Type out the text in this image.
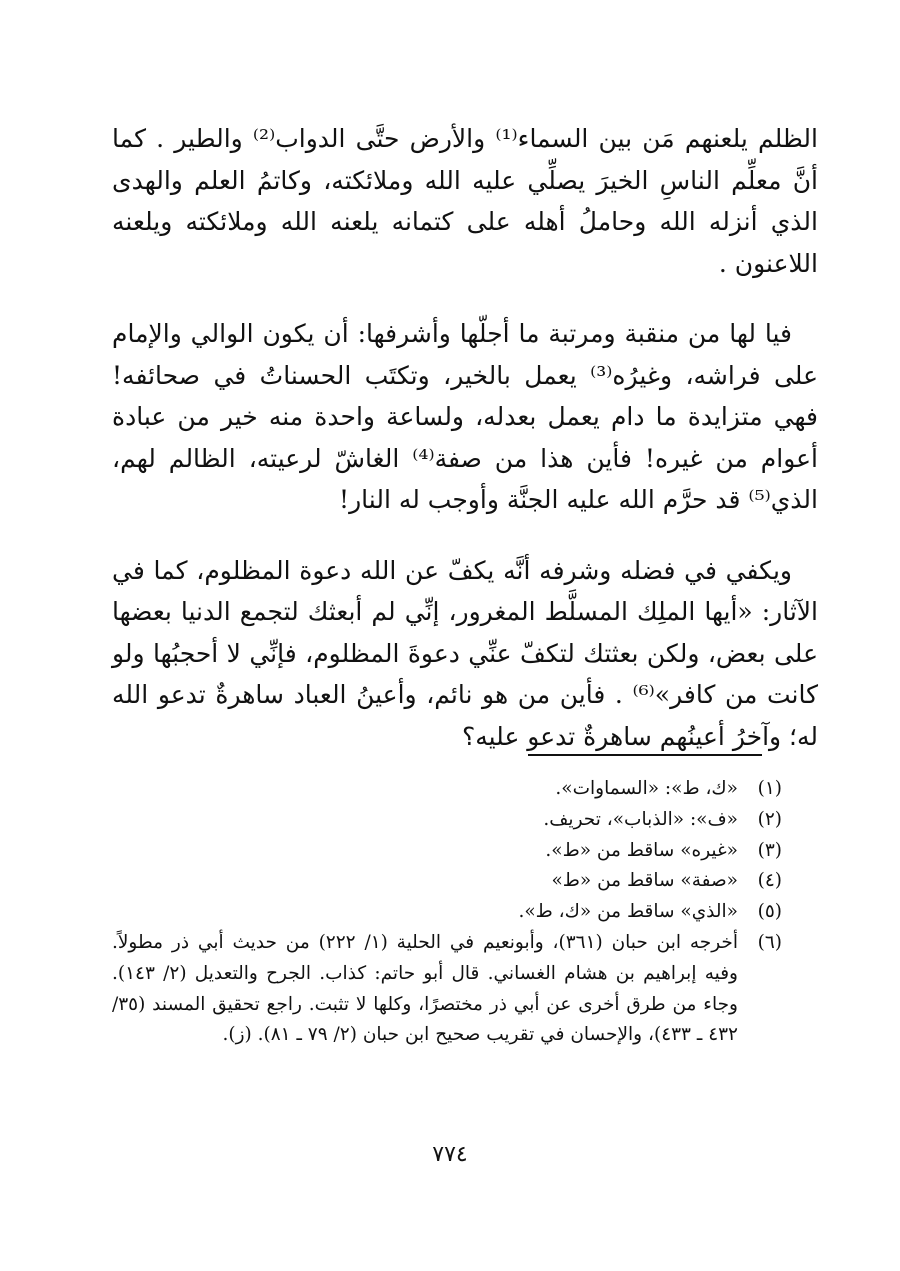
الظلم يلعنهم مَن بين السماء⁽¹⁾ والأرض حتَّى الدواب⁽²⁾ والطير . كما أنَّ معلِّم الناسِ الخيرَ يصلِّي عليه الله وملائكته، وكاتمُ العلم والهدى الذي أنزله الله وحاملُ أهله على كتمانه يلعنه الله وملائكته ويلعنه اللاعنون .

فيا لها من منقبة ومرتبة ما أجلّها وأشرفها: أن يكون الوالي والإمام على فراشه، وغيرُه⁽³⁾ يعمل بالخير، وتكتَب الحسناتُ في صحائفه! فهي متزايدة ما دام يعمل بعدله، ولساعة واحدة منه خير من عبادة أعوام من غيره! فأين هذا من صفة⁽⁴⁾ الغاشّ لرعيته، الظالم لهم، الذي⁽⁵⁾ قد حرَّم الله عليه الجنَّة وأوجب له النار!

ويكفي في فضله وشرفه أنَّه يكفّ عن الله دعوة المظلوم، كما في الآثار: «أيها الملِك المسلَّط المغرور، إنِّي لم أبعثك لتجمع الدنيا بعضها على بعض، ولكن بعثتك لتكفّ عنِّي دعوةَ المظلوم، فإنِّي لا أحجبُها ولو كانت من كافر»⁽⁶⁾ . فأين من هو نائم، وأعينُ العباد ساهرةٌ تدعو الله له؛ وآخرُ أعينُهم ساهرةٌ تدعو عليه؟

(١)
«ك، ط»: «السماوات».
(٢)
«ف»: «الذباب»، تحريف.
(٣)
«غيره» ساقط من «ط».
(٤)
«صفة» ساقط من «ط»
(٥)
«الذي» ساقط من «ك، ط».
(٦)
أخرجه ابن حبان (٣٦١)، وأبونعيم في الحلية (١/ ٢٢٢) من حديث أبي ذر مطولاً. وفيه إبراهيم بن هشام الغساني. قال أبو حاتم: كذاب. الجرح والتعديل (٢/ ١٤٣). وجاء من طرق أخرى عن أبي ذر مختصرًا، وكلها لا تثبت. راجع تحقيق المسند (٣٥/ ٤٣٢ ـ ٤٣٣)، والإحسان في تقريب صحيح ابن حبان (٢/ ٧٩ ـ ٨١). (ز).
٧٧٤
